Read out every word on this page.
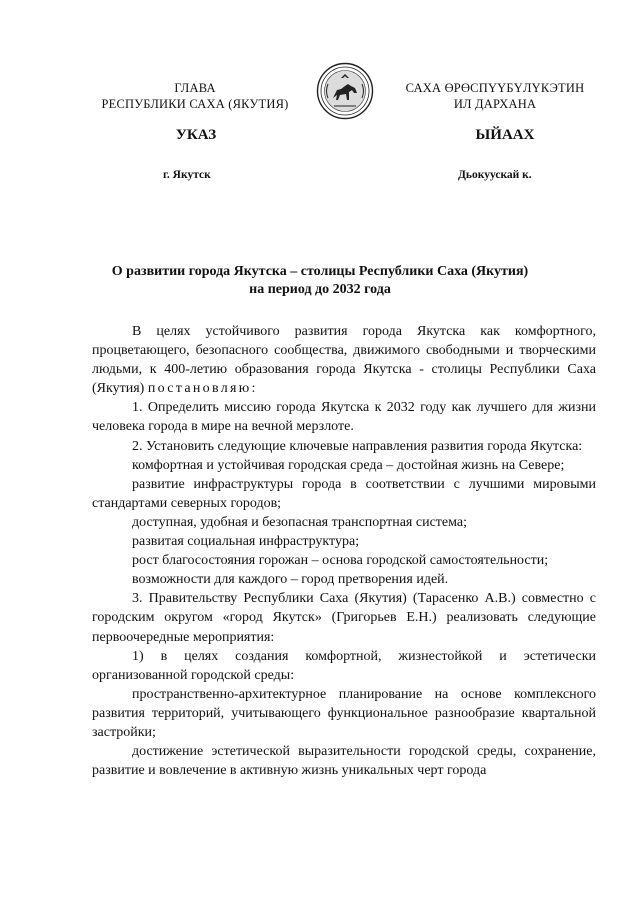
ГЛАВА
РЕСПУБЛИКИ САХА (ЯКУТИЯ)
САХА ӨРӨСПҮҮБҮЛҮКЭТИН
ИЛ ДАРХАНА
УКАЗ	ЫЙААХ
г. Якутск	Дьокуускай к.
О развитии города Якутска – столицы Республики Саха (Якутия)
на период до 2032 года

В целях устойчивого развития города Якутска как комфортного, процветающего, безопасного сообщества, движимого свободными и творческими людьми, к 400-летию образования города Якутска - столицы Республики Саха (Якутия) постановляю:

1. Определить миссию города Якутска к 2032 году как лучшего для жизни человека города в мире на вечной мерзлоте.

2. Установить следующие ключевые направления развития города Якутска:

комфортная и устойчивая городская среда – достойная жизнь на Севере;

развитие инфраструктуры города в соответствии с лучшими мировыми стандартами северных городов;

доступная, удобная и безопасная транспортная система;

развитая социальная инфраструктура;

рост благосостояния горожан – основа городской самостоятельности;

возможности для каждого – город претворения идей.

3. Правительству Республики Саха (Якутия) (Тарасенко А.В.) совместно с городским округом «город Якутск» (Григорьев Е.Н.) реализовать следующие первоочередные мероприятия:

1) в целях создания комфортной, жизнестойкой и эстетически организованной городской среды:

пространственно-архитектурное планирование на основе комплексного развития территорий, учитывающего функциональное разнообразие квартальной застройки;

достижение эстетической выразительности городской среды, сохранение, развитие и вовлечение в активную жизнь уникальных черт города
